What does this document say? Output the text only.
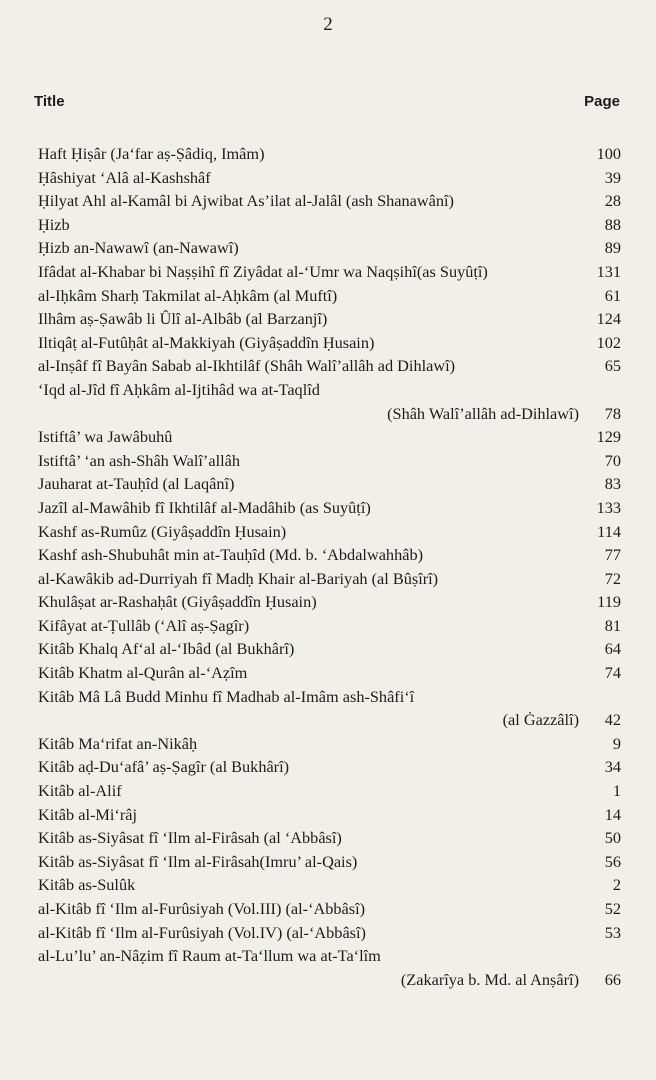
2
Title	Page
Haft Ḥiṣâr (Ja‘far aṣ-Ṣâdiq, Imâm)	100
Ḥâshiyat ‘Alâ al-Kashshâf	39
Ḥilyat Ahl al-Kamâl bi Ajwibat As’ilat al-Jalâl (ash Shanawânî)	28
Ḥizb	88
Ḥizb an-Nawawî (an-Nawawî)	89
Ifâdat al-Khabar bi Naṣṣihî fî Ziyâdat al-‘Umr wa Naqṣihî(as Suyûṭî)	131
al-Iḥkâm Sharḥ Takmilat al-Aḥkâm (al Muftî)	61
Ilhâm aṣ-Ṣawâb li Ûlî al-Albâb (al Barzanjî)	124
Iltiqâṭ al-Futûḥât al-Makkiyah (Giyâṣaddîn Ḥusain)	102
al-Inṣâf fî Bayân Sabab al-Ikhtilâf (Shâh Walî’allâh ad Dihlawî)	65
‘Iqd al-Jîd fî Aḥkâm al-Ijtihâd wa at-Taqlîd
(Shâh Walî’allâh ad-Dihlawî) 78
Istiftâ’ wa Jawâbuhû	129
Istiftâ’ ‘an ash-Shâh Walî’allâh	70
Jauharat at-Tauḥîd (al Laqânî)	83
Jazîl al-Mawâhib fî Ikhtilâf al-Madâhib (as Suyûṭî)	133
Kashf as-Rumûz (Giyâṣaddîn Ḥusain)	114
Kashf ash-Shubuhât min at-Tauḥîd (Md. b. ‘Abdalwahhâb)	77
al-Kawâkib ad-Durriyah fî Madḥ Khair al-Bariyah (al Bûṣîrî)	72
Khulâṣat ar-Rashaḥât (Giyâṣaddîn Ḥusain)	119
Kifâyat at-Ṭullâb (‘Alî aṣ-Ṣagîr)	81
Kitâb Khalq Af‘al al-‘Ibâd (al Bukhârî)	64
Kitâb Khatm al-Qurân al-‘Aẓîm	74
Kitâb Mâ Lâ Budd Minhu fî Madhab al-Imâm ash-Shâfi‘î
(al Ġazzâlî) 42
Kitâb Ma‘rifat an-Nikâḥ	9
Kitâb aḍ-Du‘afâ’ aṣ-Ṣagîr (al Bukhârî)	34
Kitâb al-Alif	1
Kitâb al-Mi‘râj	14
Kitâb as-Siyâsat fî ‘Ilm al-Firâsah (al ‘Abbâsî)	50
Kitâb as-Siyâsat fî ‘Ilm al-Firâsah(Imru’ al-Qais)	56
Kitâb as-Sulûk	2
al-Kitâb fî ‘Ilm al-Furûsiyah (Vol.III) (al-‘Abbâsî)	52
al-Kitâb fî ‘Ilm al-Furûsiyah (Vol.IV) (al-‘Abbâsî)	53
al-Lu’lu’ an-Nâẓim fî Raum at-Ta‘llum wa at-Ta‘lîm
(Zakarîya b. Md. al Anṣârî) 66
